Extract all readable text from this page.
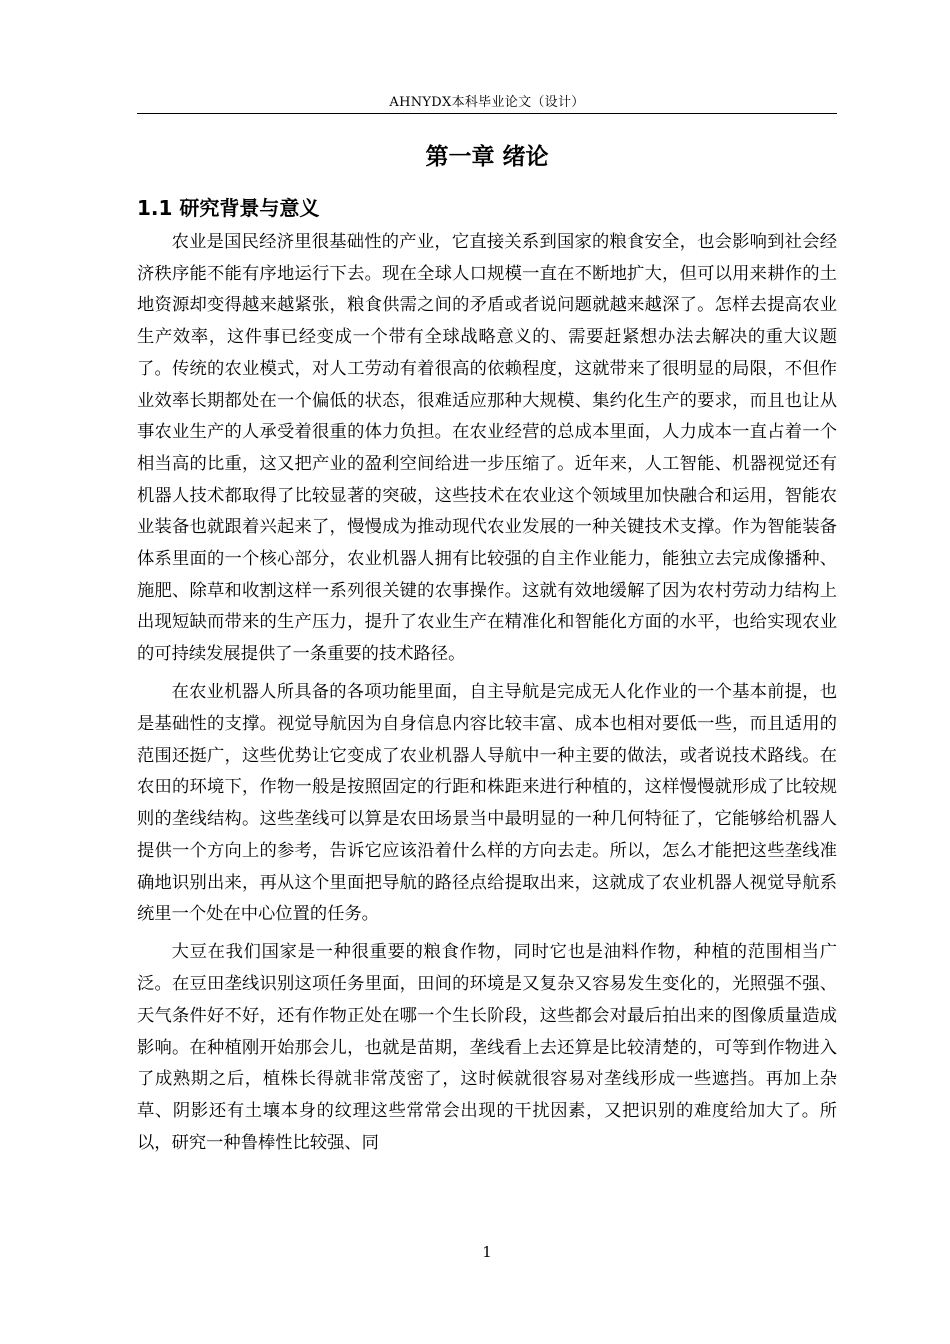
AHNYDX本科毕业论文（设计）
第一章 绪论
1.1 研究背景与意义

农业是国民经济里很基础性的产业，它直接关系到国家的粮食安全，也会影响到社会经济秩序能不能有序地运行下去。现在全球人口规模一直在不断地扩大，但可以用来耕作的土地资源却变得越来越紧张，粮食供需之间的矛盾或者说问题就越来越深了。怎样去提高农业生产效率，这件事已经变成一个带有全球战略意义的、需要赶紧想办法去解决的重大议题了。传统的农业模式，对人工劳动有着很高的依赖程度，这就带来了很明显的局限，不但作业效率长期都处在一个偏低的状态，很难适应那种大规模、集约化生产的要求，而且也让从事农业生产的人承受着很重的体力负担。在农业经营的总成本里面，人力成本一直占着一个相当高的比重，这又把产业的盈利空间给进一步压缩了。近年来，人工智能、机器视觉还有机器人技术都取得了比较显著的突破，这些技术在农业这个领域里加快融合和运用，智能农业装备也就跟着兴起来了，慢慢成为推动现代农业发展的一种关键技术支撑。作为智能装备体系里面的一个核心部分，农业机器人拥有比较强的自主作业能力，能独立去完成像播种、施肥、除草和收割这样一系列很关键的农事操作。这就有效地缓解了因为农村劳动力结构上出现短缺而带来的生产压力，提升了农业生产在精准化和智能化方面的水平，也给实现农业的可持续发展提供了一条重要的技术路径。

在农业机器人所具备的各项功能里面，自主导航是完成无人化作业的一个基本前提，也是基础性的支撑。视觉导航因为自身信息内容比较丰富、成本也相对要低一些，而且适用的范围还挺广，这些优势让它变成了农业机器人导航中一种主要的做法，或者说技术路线。在农田的环境下，作物一般是按照固定的行距和株距来进行种植的，这样慢慢就形成了比较规则的垄线结构。这些垄线可以算是农田场景当中最明显的一种几何特征了，它能够给机器人提供一个方向上的参考，告诉它应该沿着什么样的方向去走。所以，怎么才能把这些垄线准确地识别出来，再从这个里面把导航的路径点给提取出来，这就成了农业机器人视觉导航系统里一个处在中心位置的任务。

大豆在我们国家是一种很重要的粮食作物，同时它也是油料作物，种植的范围相当广泛。在豆田垄线识别这项任务里面，田间的环境是又复杂又容易发生变化的，光照强不强、天气条件好不好，还有作物正处在哪一个生长阶段，这些都会对最后拍出来的图像质量造成影响。在种植刚开始那会儿，也就是苗期，垄线看上去还算是比较清楚的，可等到作物进入了成熟期之后，植株长得就非常茂密了，这时候就很容易对垄线形成一些遮挡。再加上杂草、阴影还有土壤本身的纹理这些常常会出现的干扰因素，又把识别的难度给加大了。所以，研究一种鲁棒性比较强、同

1
